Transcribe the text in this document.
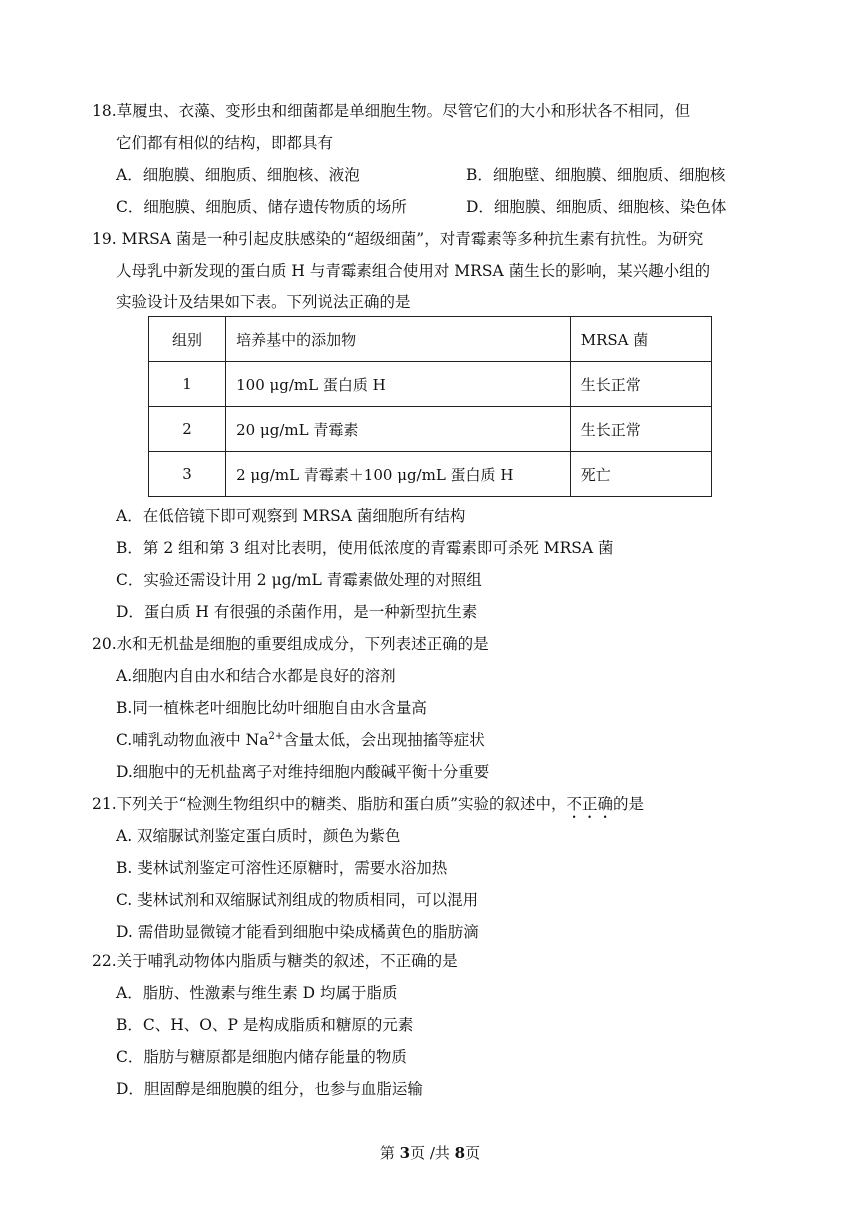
18.草履虫、衣藻、变形虫和细菌都是单细胞生物。尽管它们的大小和形状各不相同，但
它们都有相似的结构，即都具有
A．细胞膜、细胞质、细胞核、液泡	B．细胞壁、细胞膜、细胞质、细胞核
C．细胞膜、细胞质、储存遗传物质的场所	D．细胞膜、细胞质、细胞核、染色体
19. MRSA 菌是一种引起皮肤感染的“超级细菌”，对青霉素等多种抗生素有抗性。为研究
人母乳中新发现的蛋白质 H 与青霉素组合使用对 MRSA 菌生长的影响，某兴趣小组的
实验设计及结果如下表。下列说法正确的是
组别	培养基中的添加物	MRSA 菌
1	100 μg/mL 蛋白质 H	生长正常
2	20 μg/mL 青霉素	生长正常
3	2 μg/mL 青霉素＋100 μg/mL 蛋白质 H	死亡
A．在低倍镜下即可观察到 MRSA 菌细胞所有结构
B．第 2 组和第 3 组对比表明，使用低浓度的青霉素即可杀死 MRSA 菌
C．实验还需设计用 2 μg/mL 青霉素做处理的对照组
D．蛋白质 H 有很强的杀菌作用，是一种新型抗生素
20.水和无机盐是细胞的重要组成成分，下列表述正确的是
A.细胞内自由水和结合水都是良好的溶剂
B.同一植株老叶细胞比幼叶细胞自由水含量高
C.哺乳动物血液中 $Na^{2+}$含量太低，会出现抽搐等症状
D.细胞中的无机盐离子对维持细胞内酸碱平衡十分重要
21.下列关于“检测生物组织中的糖类、脂肪和蛋白质”实验的叙述中，不正确的是
A. 双缩脲试剂鉴定蛋白质时，颜色为紫色
B. 斐林试剂鉴定可溶性还原糖时，需要水浴加热
C. 斐林试剂和双缩脲试剂组成的物质相同，可以混用
D. 需借助显微镜才能看到细胞中染成橘黄色的脂肪滴
22.关于哺乳动物体内脂质与糖类的叙述，不正确的是
A．脂肪、性激素与维生素 D 均属于脂质
B．C、H、O、P 是构成脂质和糖原的元素
C．脂肪与糖原都是细胞内储存能量的物质
D．胆固醇是细胞膜的组分，也参与血脂运输
第 3页 /共 8页
